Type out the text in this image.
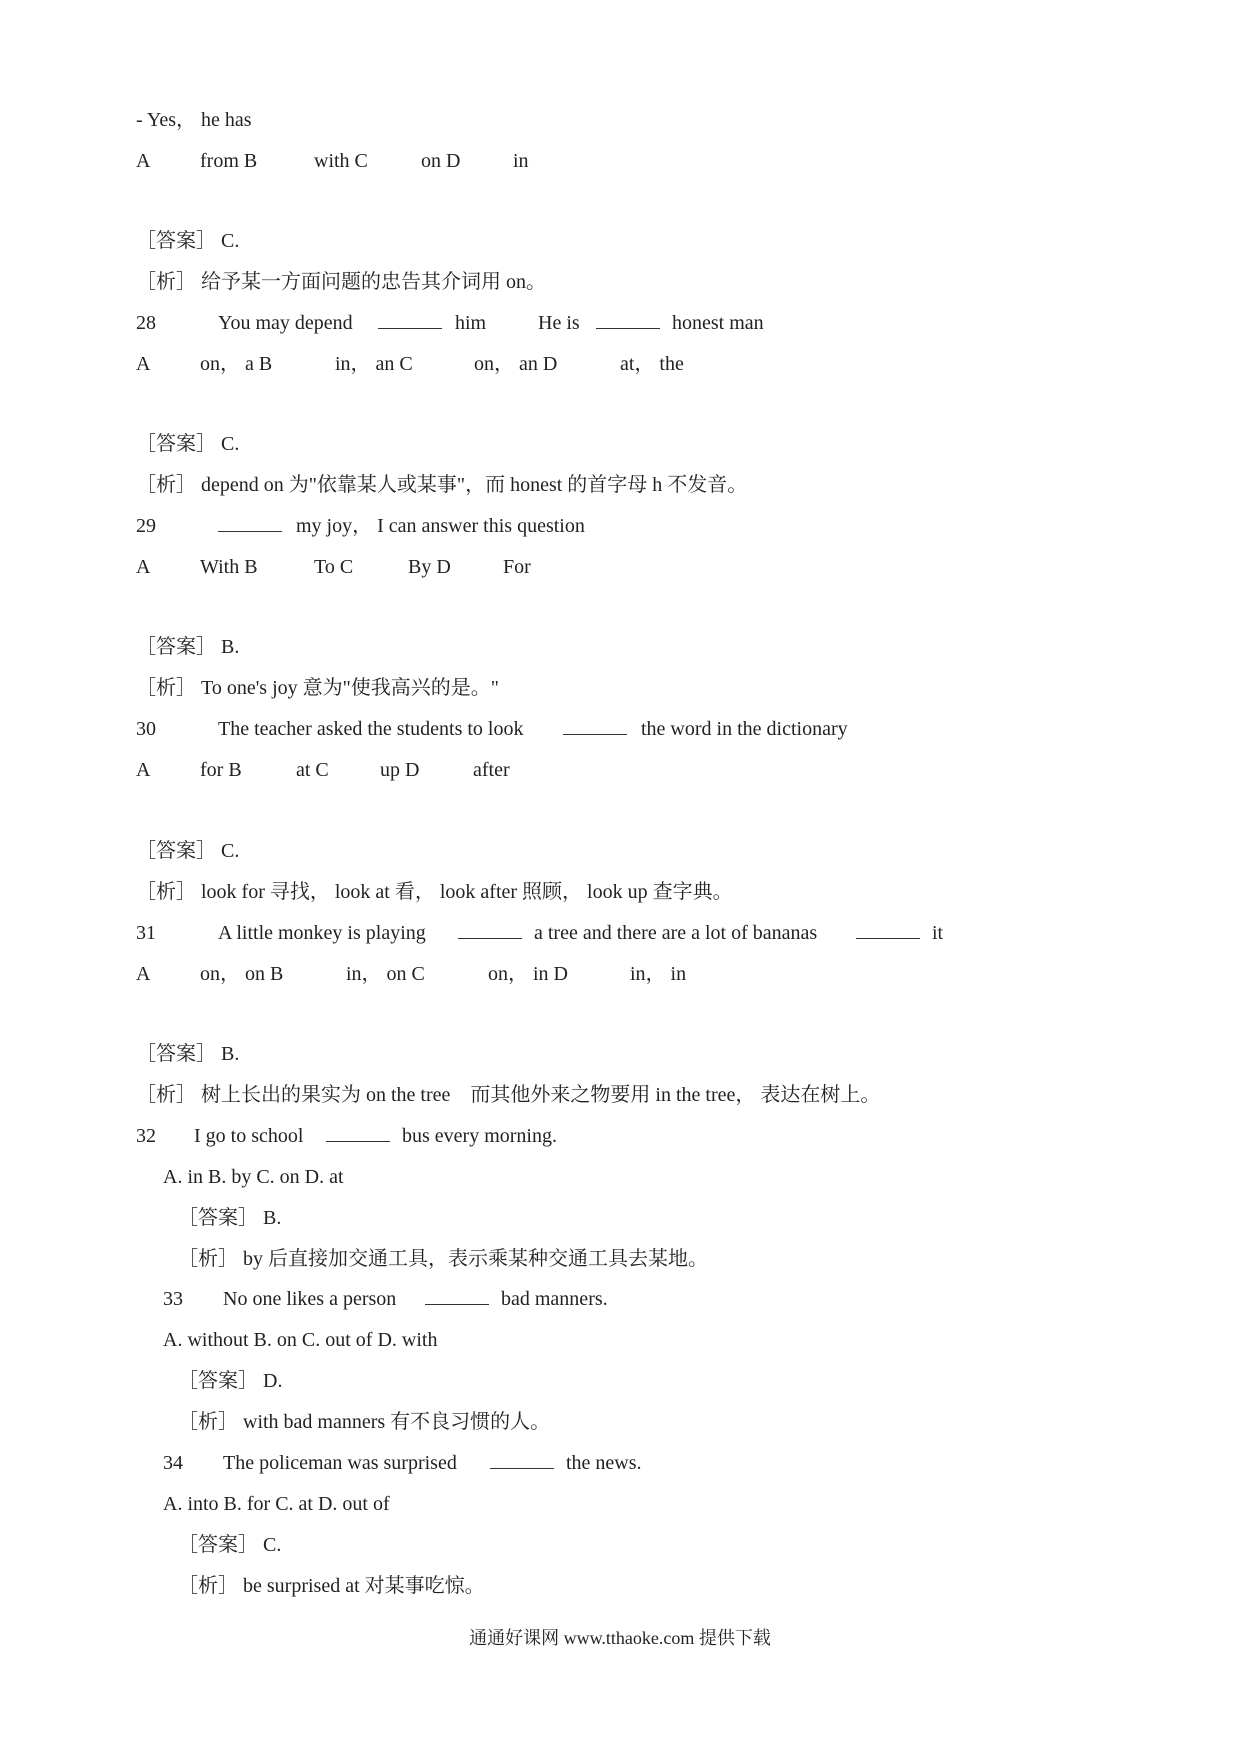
- Yes， he has

A

from B

	with C

	on D

	in

［答案］ C.
［析］ 给予某一方面问题的忠告其介词用 on。

28

	You may depend

	him

	He is

	honest man

A

on， a B

	in， an C

	on， an D

	at， the

［答案］ C.
［析］ depend on 为"依靠某人或某事"，而 honest 的首字母 h 不发音。

29

	my joy， I can answer this question

A

With B

	To C

	By D

	For

［答案］ B.
［析］ To one's joy 意为"使我高兴的是。"

30

	The teacher asked the students to look

	the word in the dictionary

A

for B

	at C

	up D

	after

［答案］ C.
［析］ look for 寻找， look at 看， look after 照顾， look up 查字典。

31

	A little monkey is playing

	a tree and there are a lot of bananas

	it

A

on， on B

	in， on C

	on， in D

	in， in

［答案］ B.
［析］ 树上长出的果实为 on the tree    而其他外来之物要用 in the tree， 表达在树上。

32

I go to school

	bus every morning.

A. in B. by C. on D. at
［答案］ B.
［析］ by 后直接加交通工具，表示乘某种交通工具去某地。

33

No one likes a person

	bad manners.

A. without B. on C. out of D. with
［答案］ D.
［析］ with bad manners 有不良习惯的人。

34

The policeman was surprised

	the news.

A. into B. for C. at D. out of
［答案］ C.
［析］ be surprised at 对某事吃惊。
通通好课网 www.tthaoke.com 提供下载
